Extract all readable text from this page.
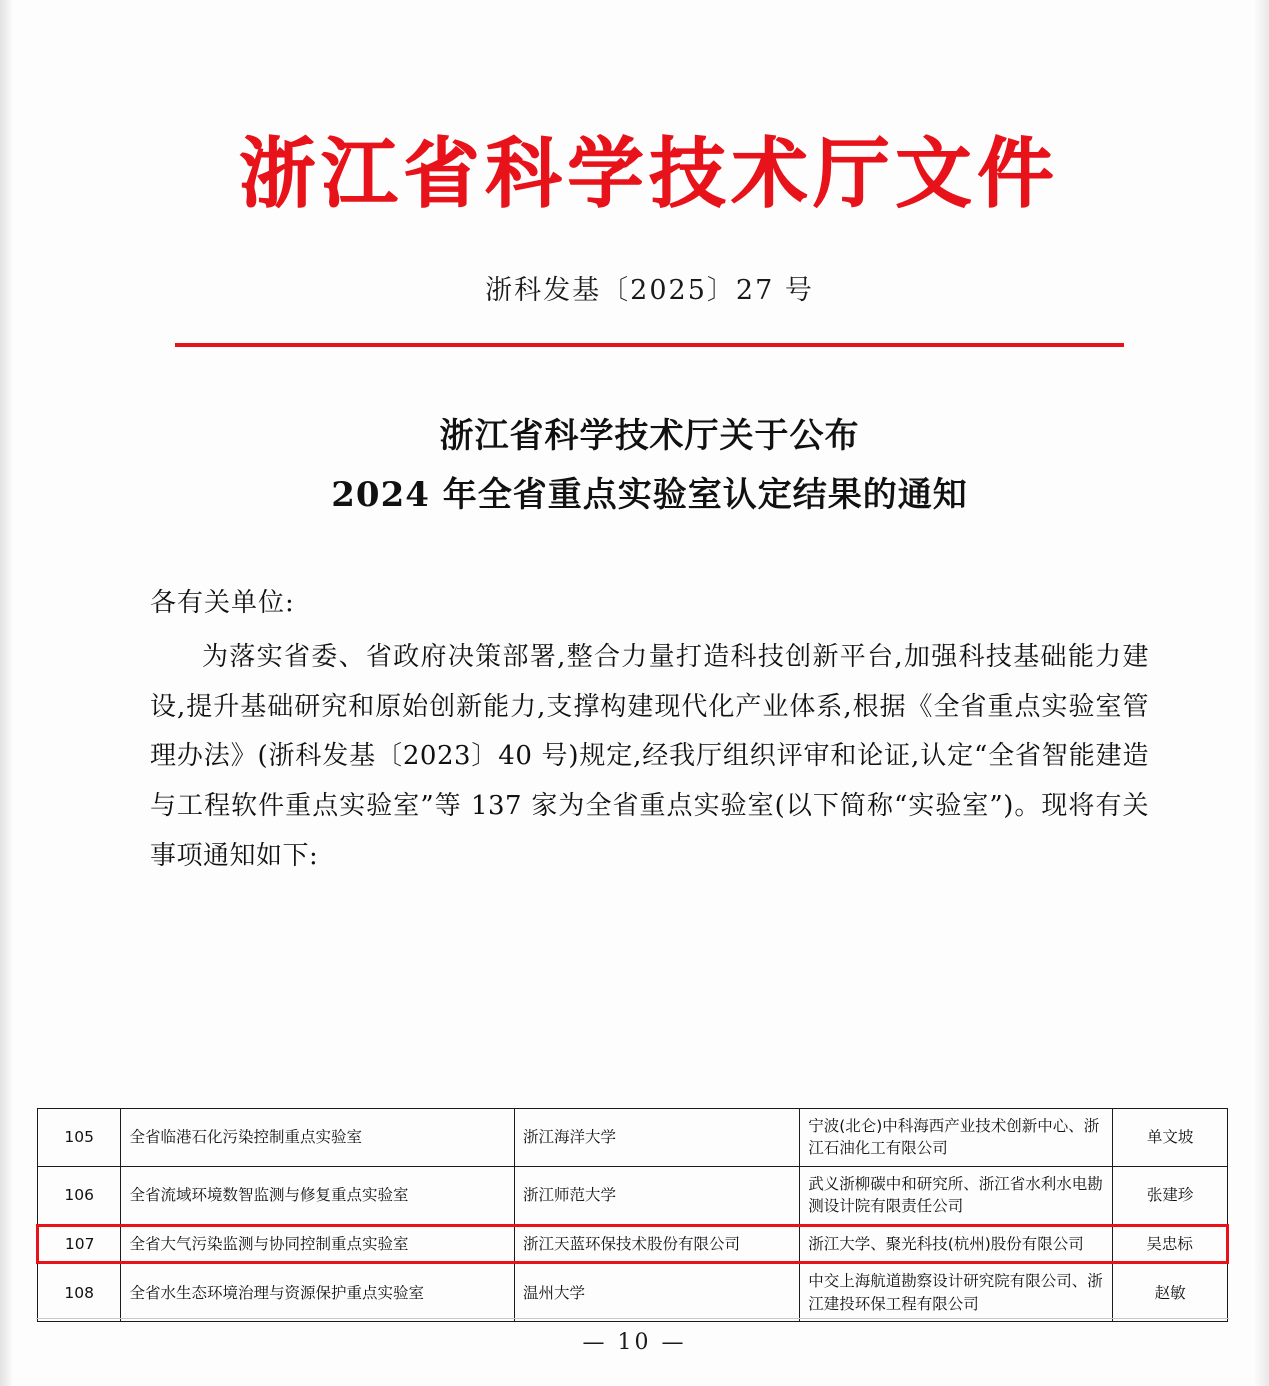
浙江省科学技术厅文件
浙科发基〔2025〕27 号
浙江省科学技术厅关于公布
2024 年全省重点实验室认定结果的通知
各有关单位:
为落实省委、省政府决策部署,整合力量打造科技创新平台,加强科技基础能力建设,提升基础研究和原始创新能力,支撑构建现代化产业体系,根据《全省重点实验室管理办法》(浙科发基〔2023〕40 号)规定,经我厅组织评审和论证,认定“全省智能建造与工程软件重点实验室”等 137 家为全省重点实验室(以下简称“实验室”)。现将有关事项通知如下:
105	全省临港石化污染控制重点实验室	浙江海洋大学	宁波(北仑)中科海西产业技术创新中心、浙江石油化工有限公司	单文坡
106	全省流域环境数智监测与修复重点实验室	浙江师范大学	武义浙柳碳中和研究所、浙江省水利水电勘测设计院有限责任公司	张建珍
107	全省大气污染监测与协同控制重点实验室	浙江天蓝环保技术股份有限公司	浙江大学、聚光科技(杭州)股份有限公司	吴忠标
108	全省水生态环境治理与资源保护重点实验室	温州大学	中交上海航道勘察设计研究院有限公司、浙江建投环保工程有限公司	赵敏
— 10 —
